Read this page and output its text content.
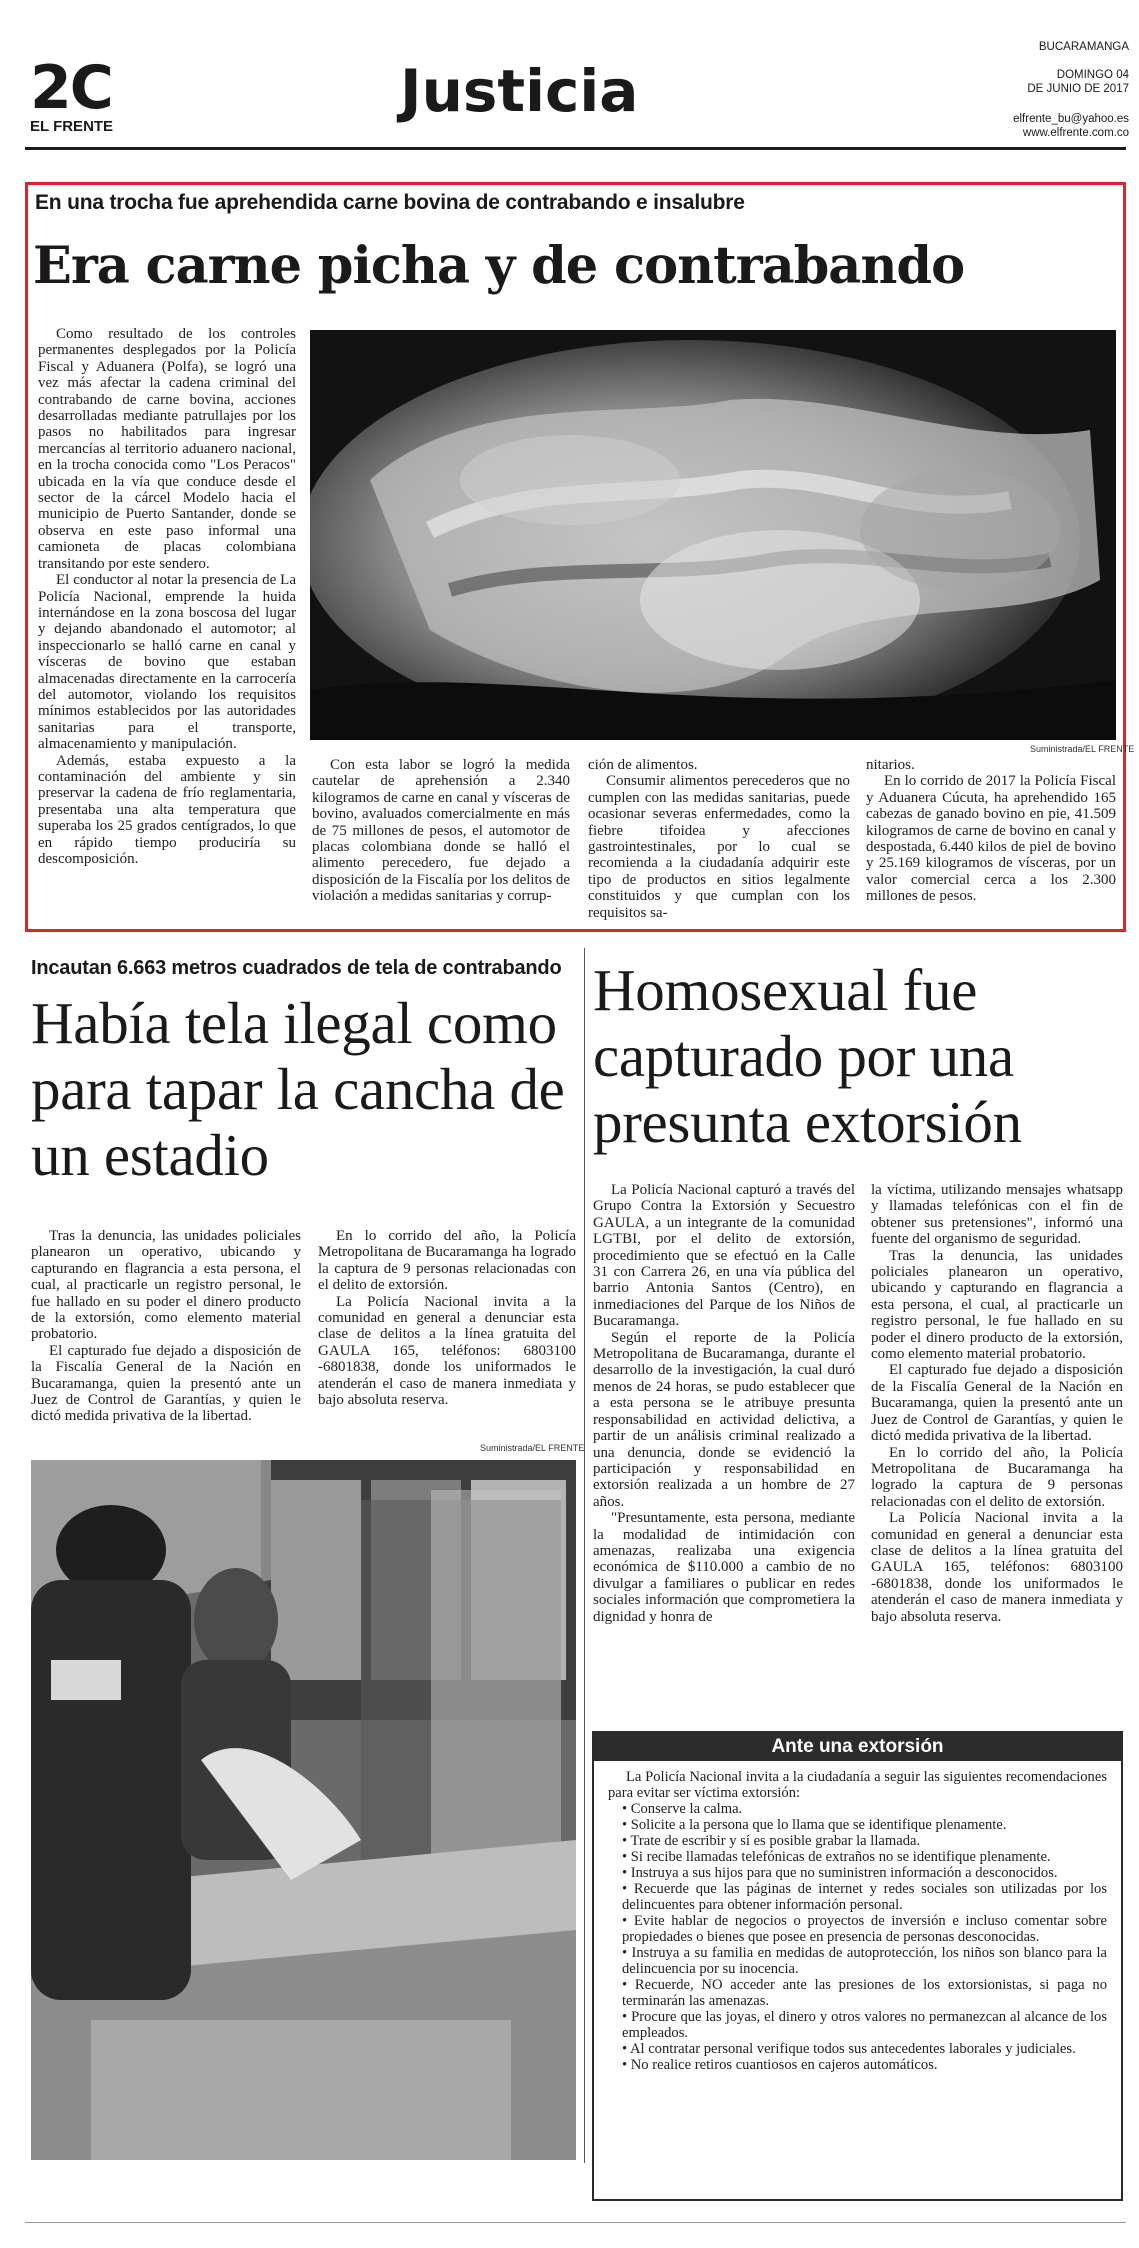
2C
EL FRENTE
Justicia
BUCARAMANGA
DOMINGO 04
DE JUNIO DE 2017
elfrente_bu@yahoo.es
www.elfrente.com.co
En una trocha fue aprehendida carne bovina de contrabando e insalubre
Era carne picha y de contrabando

Como resultado de los controles permanentes desplegados por la Policía Fiscal y Aduanera (Polfa), se logró una vez más afectar la cadena criminal del contrabando de carne bovina, acciones desarrolladas mediante patrullajes por los pasos no habilitados para ingresar mercancías al territorio aduanero nacional, en la trocha conocida como "Los Peracos" ubicada en la vía que conduce desde el sector de la cárcel Modelo hacia el municipio de Puerto Santander, donde se observa en este paso informal una camioneta de placas colombiana transitando por este sendero.

El conductor al notar la presencia de La Policía Nacional, emprende la huida internándose en la zona boscosa del lugar y dejando abandonado el automotor; al inspeccionarlo se halló carne en canal y vísceras de bovino que estaban almacenadas directamente en la carrocería del automotor, violando los requisitos mínimos establecidos por las autoridades sanitarias para el transporte, almacenamiento y manipulación.

Además, estaba expuesto a la contaminación del ambiente y sin preservar la cadena de frío reglamentaria, presentaba una alta temperatura que superaba los 25 grados centígrados, lo que en rápido tiempo produciría su descomposición.

Suministrada/EL FRENTE

Con esta labor se logró la medida cautelar de aprehensión a 2.340 kilogramos de carne en canal y vísceras de bovino, avaluados comercialmente en más de 75 millones de pesos, el automotor de placas colombiana donde se halló el alimento perecedero, fue dejado a disposición de la Fiscalía por los delitos de violación a medidas sanitarias y corrup-

ción de alimentos.

Consumir alimentos perecederos que no cumplen con las medidas sanitarias, puede ocasionar severas enfermedades, como la fiebre tifoidea y afecciones gastrointestinales, por lo cual se recomienda a la ciudadanía adquirir este tipo de productos en sitios legalmente constituidos y que cumplan con los requisitos sa-

nitarios.

En lo corrido de 2017 la Policía Fiscal y Aduanera Cúcuta, ha aprehendido 165 cabezas de ganado bovino en pie, 41.509 kilogramos de carne de bovino en canal y despostada, 6.440 kilos de piel de bovino y 25.169 kilogramos de vísceras, por un valor comercial cerca a los 2.300 millones de pesos.

Incautan 6.663 metros cuadrados de tela de contrabando
Había tela ilegal como para tapar la cancha de un estadio

Tras la denuncia, las unidades policiales planearon un operativo, ubicando y capturando en flagrancia a esta persona, el cual, al practicarle un registro personal, le fue hallado en su poder el dinero producto de la extorsión, como elemento material probatorio.

El capturado fue dejado a disposición de la Fiscalía General de la Nación en Bucaramanga, quien la presentó ante un Juez de Control de Garantías, y quien le dictó medida privativa de la libertad.

En lo corrido del año, la Policía Metropolitana de Bucaramanga ha logrado la captura de 9 personas relacionadas con el delito de extorsión.

La Policía Nacional invita a la comunidad en general a denunciar esta clase de delitos a la línea gratuita del GAULA 165, teléfonos: 6803100 -6801838, donde los uniformados le atenderán el caso de manera inmediata y bajo absoluta reserva.

Suministrada/EL FRENTE
Homosexual fue capturado por una presunta extorsión

La Policía Nacional capturó a través del Grupo Contra la Extorsión y Secuestro GAULA, a un integrante de la comunidad LGTBI, por el delito de extorsión, procedimiento que se efectuó en la Calle 31 con Carrera 26, en una vía pública del barrio Antonia Santos (Centro), en inmediaciones del Parque de los Niños de Bucaramanga.

Según el reporte de la Policía Metropolitana de Bucaramanga, durante el desarrollo de la investigación, la cual duró menos de 24 horas, se pudo establecer que a esta persona se le atribuye presunta responsabilidad en actividad delictiva, a partir de un análisis criminal realizado a una denuncia, donde se evidenció la participación y responsabilidad en extorsión realizada a un hombre de 27 años.

"Presuntamente, esta persona, mediante la modalidad de intimidación con amenazas, realizaba una exigencia económica de $110.000 a cambio de no divulgar a familiares o publicar en redes sociales información que comprometiera la dignidad y honra de

la víctima, utilizando mensajes whatsapp y llamadas telefónicas con el fin de obtener sus pretensiones", informó una fuente del organismo de seguridad.

Tras la denuncia, las unidades policiales planearon un operativo, ubicando y capturando en flagrancia a esta persona, el cual, al practicarle un registro personal, le fue hallado en su poder el dinero producto de la extorsión, como elemento material probatorio.

El capturado fue dejado a disposición de la Fiscalía General de la Nación en Bucaramanga, quien la presentó ante un Juez de Control de Garantías, y quien le dictó medida privativa de la libertad.

En lo corrido del año, la Policía Metropolitana de Bucaramanga ha logrado la captura de 9 personas relacionadas con el delito de extorsión.

La Policía Nacional invita a la comunidad en general a denunciar esta clase de delitos a la línea gratuita del GAULA 165, teléfonos: 6803100 -6801838, donde los uniformados le atenderán el caso de manera inmediata y bajo absoluta reserva.

Ante una extorsión

La Policía Nacional invita a la ciudadanía a seguir las siguientes recomendaciones para evitar ser víctima extorsión:

• Conserve la calma.
• Solicite a la persona que lo llama que se identifique plenamente.
• Trate de escribir y sí es posible grabar la llamada.
• Si recibe llamadas telefónicas de extraños no se identifique plenamente.
• Instruya a sus hijos para que no suministren información a desconocidos.
• Recuerde que las páginas de internet y redes sociales son utilizadas por los delincuentes para obtener información personal.
• Evite hablar de negocios o proyectos de inversión e incluso comentar sobre propiedades o bienes que posee en presencia de personas desconocidas.
• Instruya a su familia en medidas de autoprotección, los niños son blanco para la delincuencia por su inocencia.
• Recuerde, NO acceder ante las presiones de los extorsionistas, si paga no terminarán las amenazas.
• Procure que las joyas, el dinero y otros valores no permanezcan al alcance de los empleados.
• Al contratar personal verifique todos sus antecedentes laborales y judiciales.
• No realice retiros cuantiosos en cajeros automáticos.
